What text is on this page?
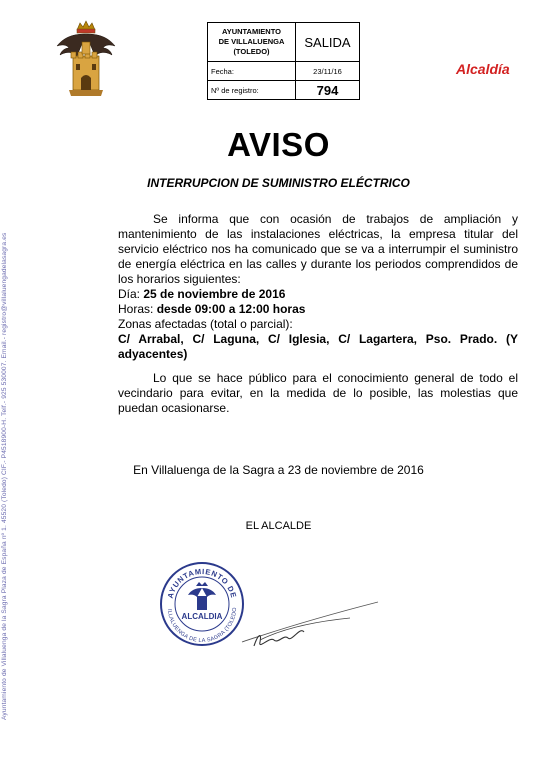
AYUNTAMIENTO
DE VILLALUENGA
(TOLEDO)	SALIDA
Fecha:	23/11/16
Nº de registro:	794
Alcaldía
Ayuntamiento de Villaluenga de la Sagra Plaza de España nº 1. 45520 (Toledo) CIF.- P4518900-H. Telf.- 925 530007. Email.- registro@villaluengadelasagra.es
AVISO
INTERRUPCION DE SUMINISTRO ELÉCTRICO

Se informa que con ocasión de trabajos de ampliación y mantenimiento de las instalaciones eléctricas, la empresa titular del servicio eléctrico nos ha comunicado que se va a interrumpir el suministro de energía eléctrica en las calles y durante los periodos comprendidos de los horarios siguientes:

Día: 25 de noviembre de 2016
Horas: desde 09:00 a 12:00 horas
Zonas afectadas (total o parcial):

C/ Arrabal, C/ Laguna, C/ Iglesia, C/ Lagartera, Pso. Prado. (Y adyacentes)

Lo que se hace público para el conocimiento general de todo el vecindario para evitar, en la medida de lo posible, las molestias que puedan ocasionarse.

En Villaluenga de la Sagra a 23 de noviembre de 2016
EL ALCALDE
AYUNTAMIENTO DE
ILLALUENGA DE LA SAGRA (TOLEDO
ALCALDIA
